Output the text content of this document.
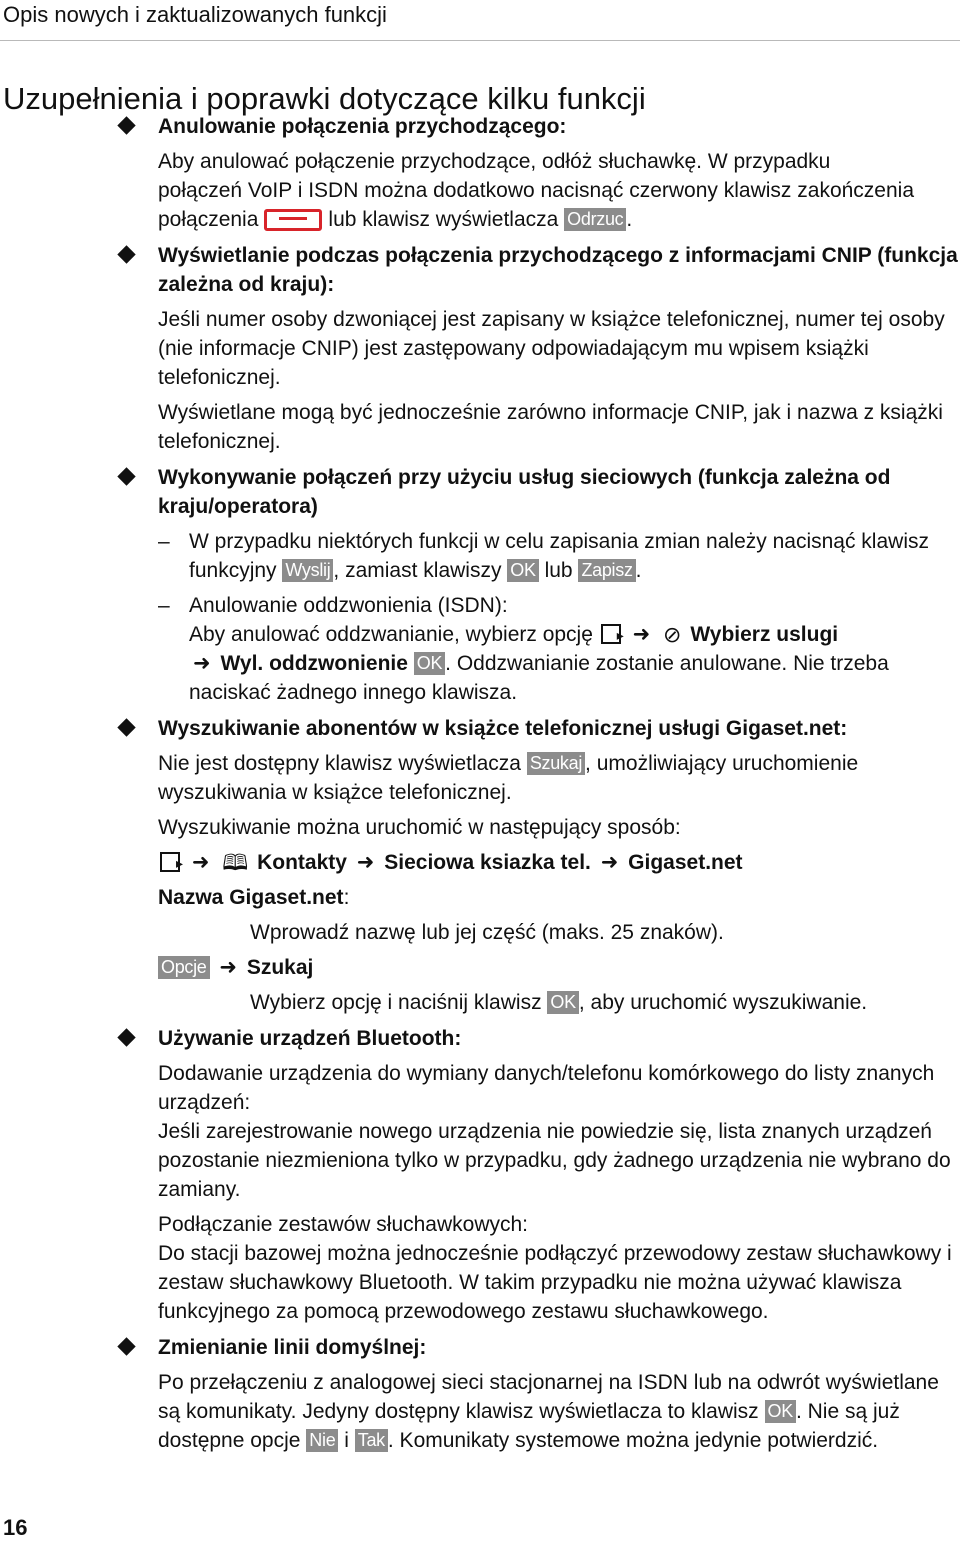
Opis nowych i zaktualizowanych funkcji
Uzupełnienia i poprawki dotyczące kilku funkcji

Anulowanie połączenia przychodzącego:

Aby anulować połączenie przychodzące, odłóż słuchawkę. W przypadku
połączeń VoIP i ISDN można dodatkowo nacisnąć czerwony klawisz zakończenia
połączenia	lub klawisz wyświetlacza Odrzuc .

Wyświetlanie podczas połączenia przychodzącego z informacjami CNIP (funkcja zależna od kraju):

Jeśli numer osoby dzwoniącej jest zapisany w książce telefonicznej, numer tej osoby (nie informacje CNIP) jest zastępowany odpowiadającym mu wpisem książki telefonicznej.

Wyświetlane mogą być jednocześnie zarówno informacje CNIP, jak i nazwa z książki telefonicznej.

Wykonywanie połączeń przy użyciu usług sieciowych (funkcja zależna od kraju/operatora)

– W przypadku niektórych funkcji w celu zapisania zmian należy nacisnąć klawisz funkcyjny Wyslij , zamiast klawiszy OK lub Zapisz .
– Anulowanie oddzwonienia (ISDN):
Aby anulować oddzwanianie, wybierz opcję ▸ ➜ ⊘ Wybierz uslugi
➜ Wyl. oddzwonienie OK . Oddzwanianie zostanie anulowane. Nie trzeba naciskać żadnego innego klawisza.

Wyszukiwanie abonentów w książce telefonicznej usługi Gigaset.net:

Nie jest dostępny klawisz wyświetlacza Szukaj , umożliwiający uruchomienie wyszukiwania w książce telefonicznej.

Wyszukiwanie można uruchomić w następujący sposób:

▸ ➜ 🕮 Kontakty ➜ Sieciowa ksiazka tel. ➜ Gigaset.net

Nazwa Gigaset.net:

Wprowadź nazwę lub jej część (maks. 25 znaków).

Opcje ➜ Szukaj

Wybierz opcję i naciśnij klawisz OK , aby uruchomić wyszukiwanie.

Używanie urządzeń Bluetooth:

Dodawanie urządzenia do wymiany danych/telefonu komórkowego do listy znanych urządzeń:

Jeśli zarejestrowanie nowego urządzenia nie powiedzie się, lista znanych urządzeń pozostanie niezmieniona tylko w przypadku, gdy żadnego urządzenia nie wybrano do zamiany.

Podłączanie zestawów słuchawkowych:

Do stacji bazowej można jednocześnie podłączyć przewodowy zestaw słuchawkowy i zestaw słuchawkowy Bluetooth. W takim przypadku nie można używać klawisza funkcyjnego za pomocą przewodowego zestawu słuchawkowego.

Zmienianie linii domyślnej:

Po przełączeniu z analogowej sieci stacjonarnej na ISDN lub na odwrót wyświetlane są komunikaty. Jedyny dostępny klawisz wyświetlacza to klawisz OK . Nie są już dostępne opcje Nie i Tak . Komunikaty systemowe można jedynie potwierdzić.

16
